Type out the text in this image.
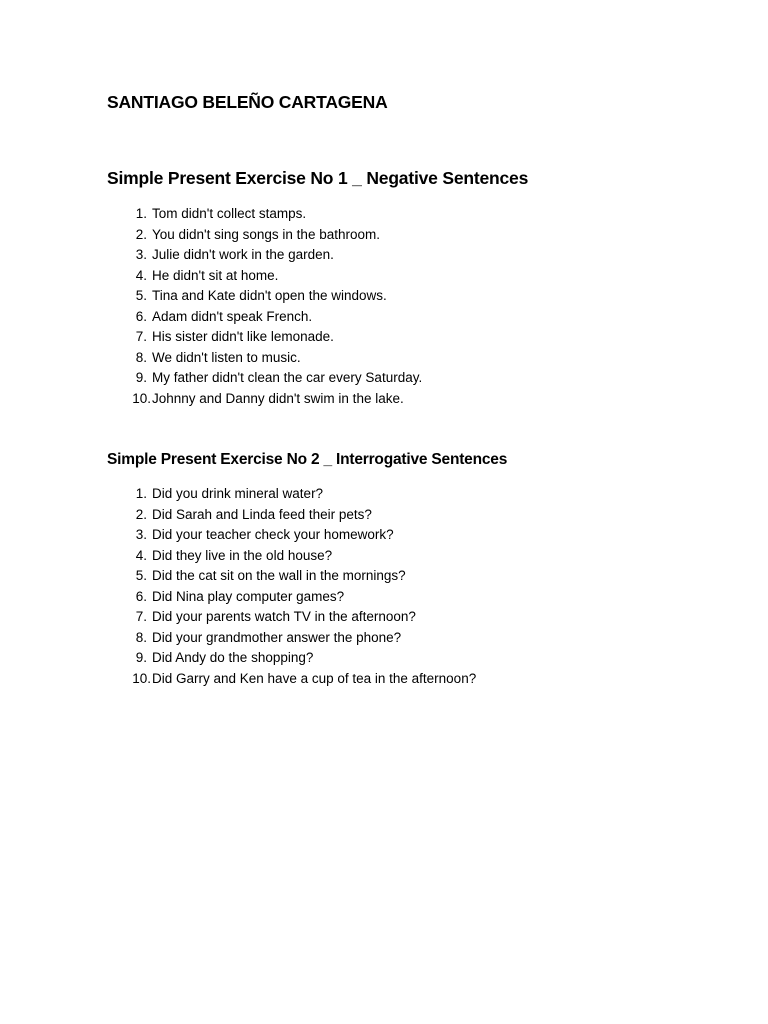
SANTIAGO BELEÑO CARTAGENA
Simple Present Exercise No 1 _ Negative Sentences
1. Tom didn't collect stamps.
2. You didn't sing songs in the bathroom.
3. Julie didn't work in the garden.
4. He didn't sit at home.
5. Tina and Kate didn't open the windows.
6. Adam didn't speak French.
7. His sister didn't like lemonade.
8. We didn't listen to music.
9. My father didn't clean the car every Saturday.
10. Johnny and Danny didn't swim in the lake.
Simple Present Exercise No 2 _ Interrogative Sentences
1. Did you drink mineral water?
2. Did Sarah and Linda feed their pets?
3. Did your teacher check your homework?
4. Did they live in the old house?
5. Did the cat sit on the wall in the mornings?
6. Did Nina play computer games?
7. Did your parents watch TV in the afternoon?
8. Did your grandmother answer the phone?
9. Did Andy do the shopping?
10. Did Garry and Ken have a cup of tea in the afternoon?
